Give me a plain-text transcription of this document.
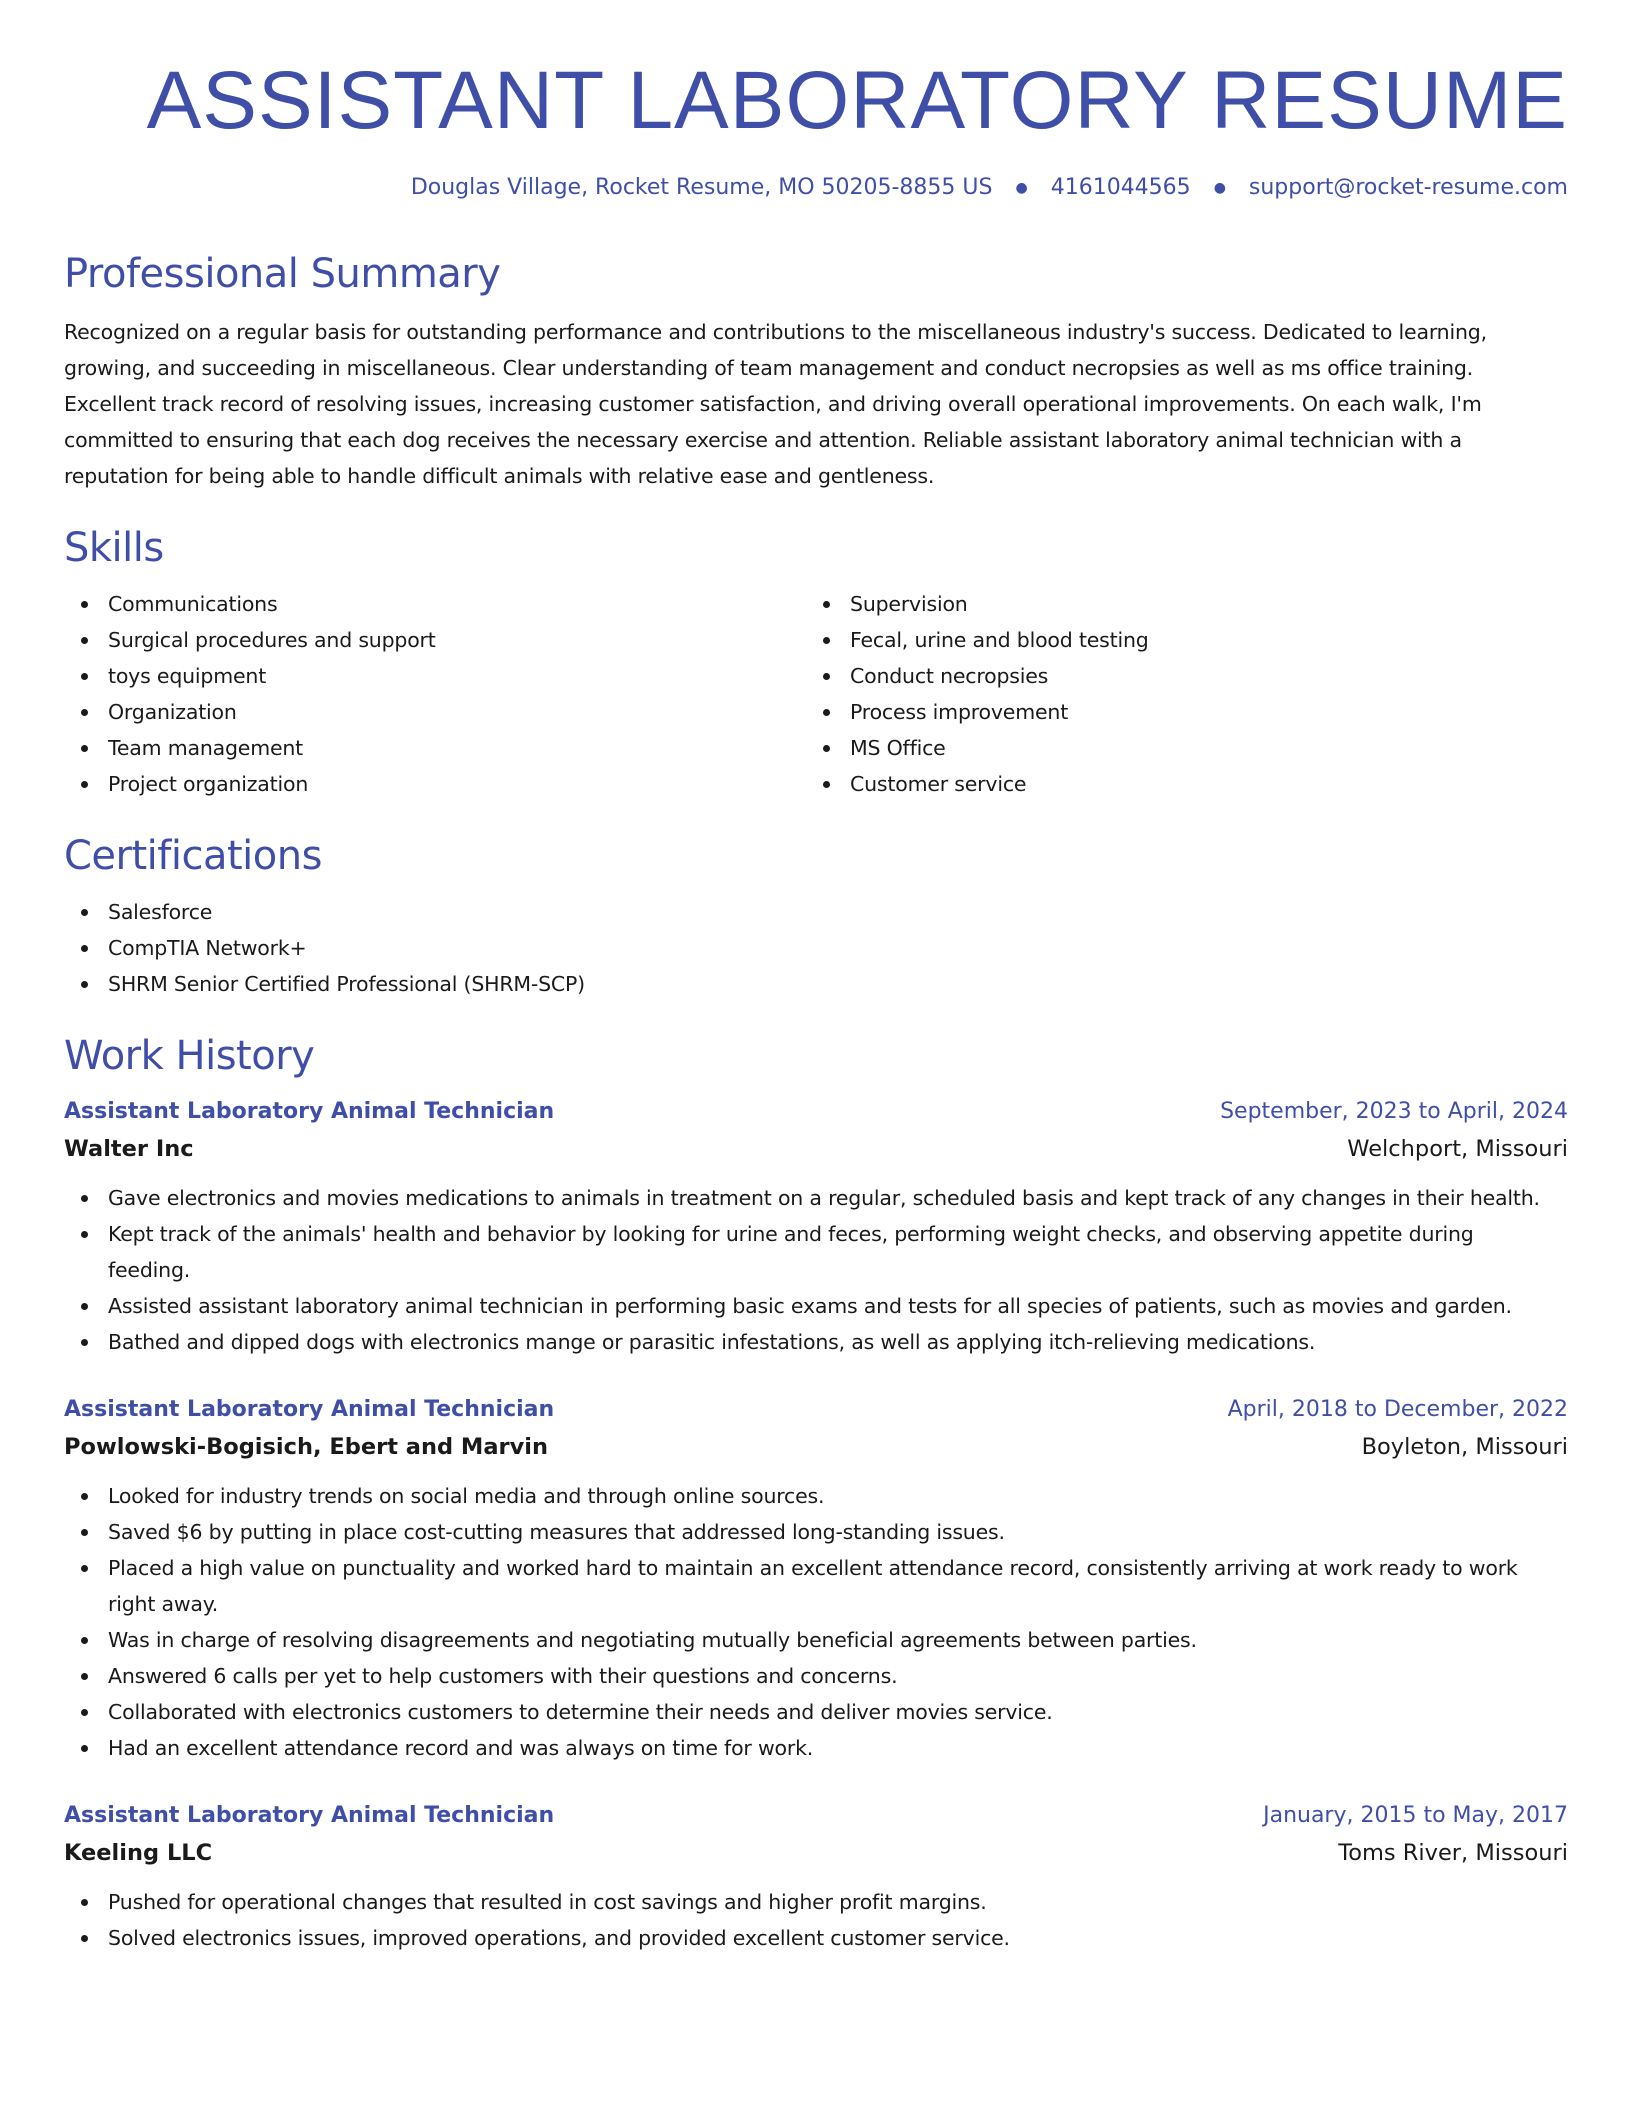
ASSISTANT LABORATORY RESUME
Douglas Village, Rocket Resume, MO 50205-8855 US ● 4161044565 ● support@rocket-resume.com
Professional Summary

Recognized on a regular basis for outstanding performance and contributions to the miscellaneous industry's success. Dedicated to learning, growing, and succeeding in miscellaneous. Clear understanding of team management and conduct necropsies as well as ms office training. Excellent track record of resolving issues, increasing customer satisfaction, and driving overall operational improvements. On each walk, I'm committed to ensuring that each dog receives the necessary exercise and attention. Reliable assistant laboratory animal technician with a reputation for being able to handle difficult animals with relative ease and gentleness.

Skills
Communications
Surgical procedures and support
toys equipment
Organization
Team management
Project organization
Supervision
Fecal, urine and blood testing
Conduct necropsies
Process improvement
MS Office
Customer service
Certifications
Salesforce
CompTIA Network+
SHRM Senior Certified Professional (SHRM-SCP)
Work History
Assistant Laboratory Animal Technician	September, 2023 to April, 2024
Walter Inc	Welchport, Missouri
Gave electronics and movies medications to animals in treatment on a regular, scheduled basis and kept track of any changes in their health.
Kept track of the animals' health and behavior by looking for urine and feces, performing weight checks, and observing appetite during feeding.
Assisted assistant laboratory animal technician in performing basic exams and tests for all species of patients, such as movies and garden.
Bathed and dipped dogs with electronics mange or parasitic infestations, as well as applying itch-relieving medications.
Assistant Laboratory Animal Technician	April, 2018 to December, 2022
Powlowski-Bogisich, Ebert and Marvin	Boyleton, Missouri
Looked for industry trends on social media and through online sources.
Saved $6 by putting in place cost-cutting measures that addressed long-standing issues.
Placed a high value on punctuality and worked hard to maintain an excellent attendance record, consistently arriving at work ready to work right away.
Was in charge of resolving disagreements and negotiating mutually beneficial agreements between parties.
Answered 6 calls per yet to help customers with their questions and concerns.
Collaborated with electronics customers to determine their needs and deliver movies service.
Had an excellent attendance record and was always on time for work.
Assistant Laboratory Animal Technician	January, 2015 to May, 2017
Keeling LLC	Toms River, Missouri
Pushed for operational changes that resulted in cost savings and higher profit margins.
Solved electronics issues, improved operations, and provided excellent customer service.
